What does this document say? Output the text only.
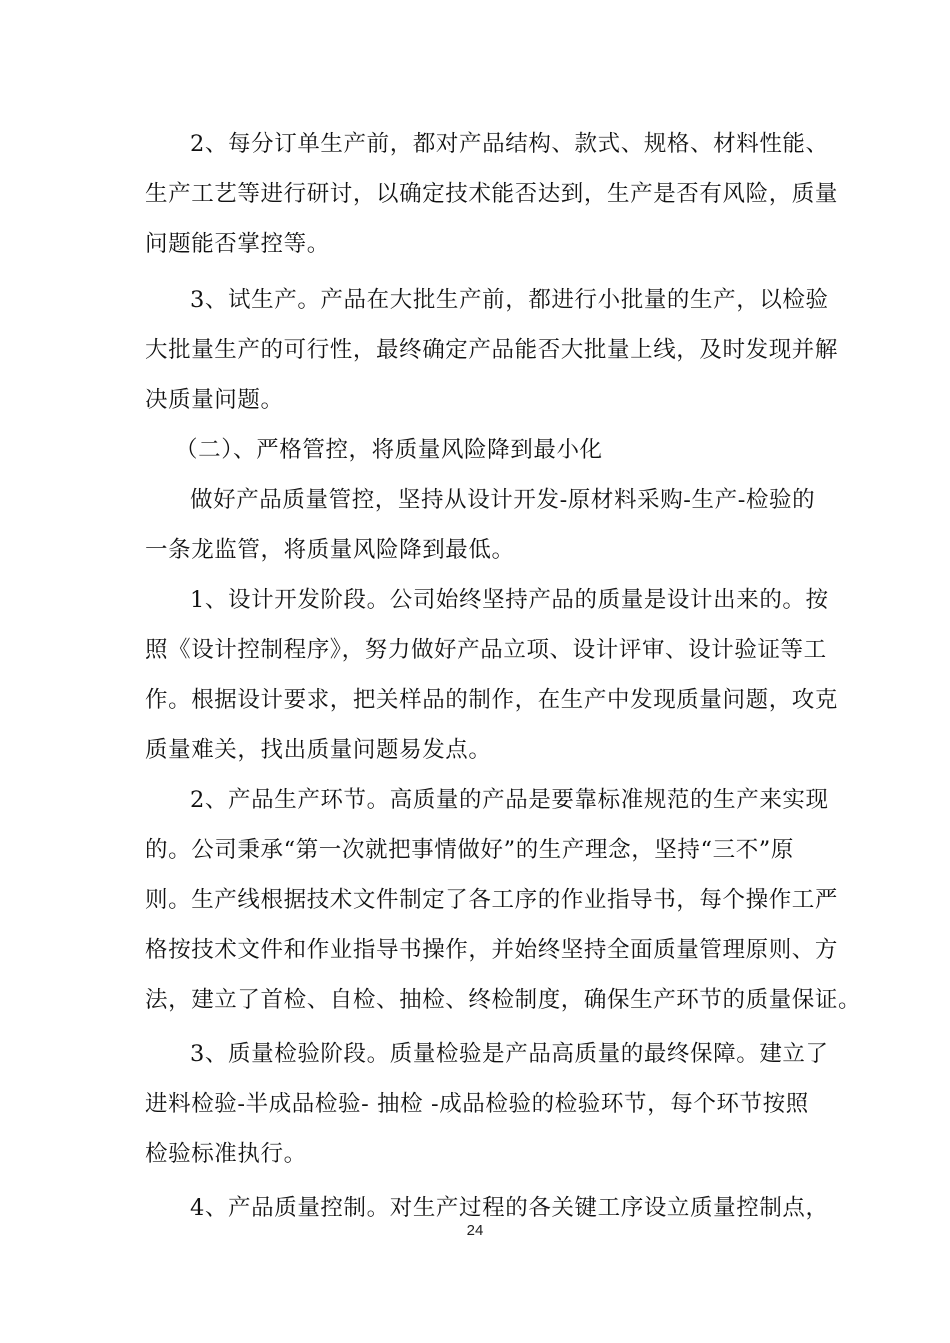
2、每分订单生产前，都对产品结构、款式、规格、材料性能、
生产工艺等进行研讨，以确定技术能否达到，生产是否有风险，质量
问题能否掌控等。
3、试生产。产品在大批生产前，都进行小批量的生产，以检验
大批量生产的可行性，最终确定产品能否大批量上线，及时发现并解
决质量问题。
（二）、严格管控，将质量风险降到最小化
做好产品质量管控，坚持从设计开发-原材料采购-生产-检验的
一条龙监管，将质量风险降到最低。
1、设计开发阶段。公司始终坚持产品的质量是设计出来的。按
照《设计控制程序》，努力做好产品立项、设计评审、设计验证等工
作。根据设计要求，把关样品的制作，在生产中发现质量问题，攻克
质量难关，找出质量问题易发点。
2、产品生产环节。高质量的产品是要靠标准规范的生产来实现
的。公司秉承“第一次就把事情做好”的生产理念，坚持“三不”原
则。生产线根据技术文件制定了各工序的作业指导书，每个操作工严
格按技术文件和作业指导书操作，并始终坚持全面质量管理原则、方
法，建立了首检、自检、抽检、终检制度，确保生产环节的质量保证。
3、质量检验阶段。质量检验是产品高质量的最终保障。建立了
进料检验-半成品检验- 抽检 -成品检验的检验环节，每个环节按照
检验标准执行。
4、产品质量控制。对生产过程的各关键工序设立质量控制点，
24
